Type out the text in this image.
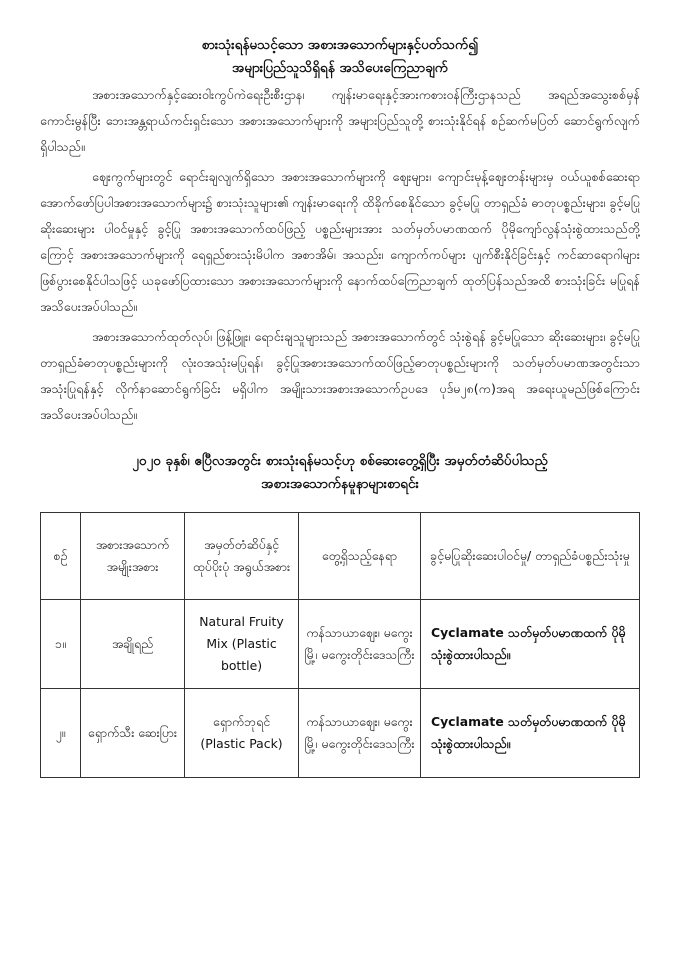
စားသုံးရန်မသင့်သော အစားအသောက်များနှင့်ပတ်သက်၍

အများပြည်သူသိရှိရန် အသိပေးကြေညာချက်

အစားအသောက်နှင့်ဆေးဝါးကွပ်ကဲရေးဦးစီးဌာန၊ ကျန်းမာရေးနှင့်အားကစားဝန်ကြီးဌာနသည် အရည်အသွေးစစ်မှန်ကောင်းမွန်ပြီး ဘေးအန္တရာယ်ကင်းရှင်းသော အစားအသောက်များကို အများပြည်သူတို့ စားသုံးနိုင်ရန် စဉ်ဆက်မပြတ် ဆောင်ရွက်လျက် ရှိပါသည်။

ဈေးကွက်များတွင် ရောင်းချလျက်ရှိသော အစားအသောက်များကို ဈေးများ၊ ကျောင်းမုန့်ဈေးတန်းများမှ ဝယ်ယူစစ်ဆေးရာ အောက်ဖော်ပြပါအစားအသောက်များ၌ စားသုံးသူများ၏ ကျန်းမာရေးကို ထိခိုက်စေနိုင်သော ခွင့်မပြု တာရှည်ခံ ဓာတုပစ္စည်းများ၊ ခွင့်မပြုဆိုးဆေးများ ပါဝင်မှုနှင့် ခွင့်ပြု အစားအသောက်ထပ်ဖြည့် ပစ္စည်းများအား သတ်မှတ်ပမာဏထက် ပိုမိုကျော်လွန်သုံးစွဲထားသည်တို့ကြောင့် အစားအသောက်များကို ရေရှည်စားသုံးမိပါက အစာအိမ်၊ အသည်း၊ ကျောက်ကပ်များ ပျက်စီးနိုင်ခြင်းနှင့် ကင်ဆာရောဂါများ ဖြစ်ပွားစေနိုင်ပါသဖြင့် ယခုဖော်ပြထားသော အစားအသောက်များကို နောက်ထပ်ကြေညာချက် ထုတ်ပြန်သည်အထိ စားသုံးခြင်း မပြုရန် အသိပေးအပ်ပါသည်။

အစားအသောက်ထုတ်လုပ်၊ ဖြန့်ဖြူး၊ ရောင်းချသူများသည် အစားအသောက်တွင် သုံးစွဲရန် ခွင့်မပြုသော ဆိုးဆေးများ၊ ခွင့်မပြုတာရှည်ခံဓာတုပစ္စည်းများကို လုံးဝအသုံးမပြုရန်၊ ခွင့်ပြုအစားအသောက်ထပ်ဖြည့်ဓာတုပစ္စည်းများကို သတ်မှတ်ပမာဏအတွင်းသာ အသုံးပြုရန်နှင့် လိုက်နာဆောင်ရွက်ခြင်း မရှိပါက အမျိုးသားအစားအသောက်ဥပဒေ ပုဒ်မ၂၈(က)အရ အရေးယူမည်ဖြစ်ကြောင်း အသိပေးအပ်ပါသည်။

၂၀၂၀ ခုနှစ်၊ ဧပြီလအတွင်း စားသုံးရန်မသင့်ဟု စစ်ဆေးတွေ့ရှိပြီး အမှတ်တံဆိပ်ပါသည့်

အစားအသောက်နမူနာများစာရင်း

စဉ်	အစားအသောက် အမျိုးအစား	အမှတ်တံဆိပ်နှင့် ထုပ်ပိုးပုံ အရွယ်အစား	တွေ့ရှိသည့်နေရာ	ခွင့်မပြုဆိုးဆေးပါဝင်မှု/ တာရှည်ခံပစ္စည်းသုံးမှု
၁။	အချိုရည်	Natural Fruity Mix (Plastic bottle)	ကန်သာယာဈေး၊ မကွေးမြို့၊ မကွေးတိုင်းဒေသကြီး	Cyclamate သတ်မှတ်ပမာဏထက် ပိုမိုသုံးစွဲထားပါသည်။
၂။	ရှောက်သီး ဆေးပြား	ရှောက်ဘုရင် (Plastic Pack)	ကန်သာယာဈေး၊ မကွေးမြို့၊ မကွေးတိုင်းဒေသကြီး	Cyclamate သတ်မှတ်ပမာဏထက် ပိုမိုသုံးစွဲထားပါသည်။
